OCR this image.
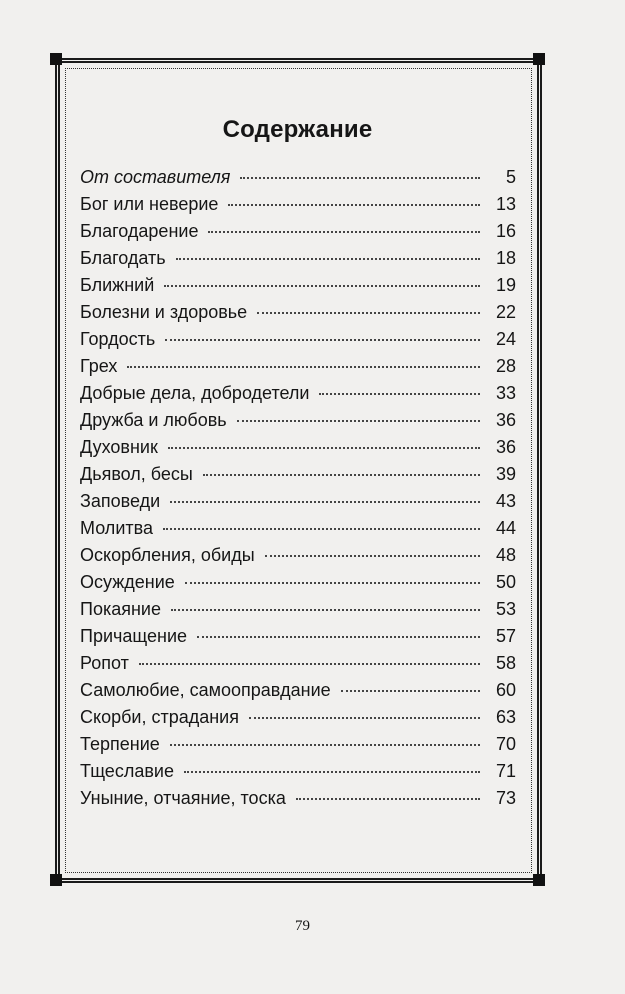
Содержание
От составителя	5
Бог или неверие	13
Благодарение	16
Благодать	18
Ближний	19
Болезни и здоровье	22
Гордость	24
Грех	28
Добрые дела, добродетели	33
Дружба и любовь	36
Духовник	36
Дьявол, бесы	39
Заповеди	43
Молитва	44
Оскорбления, обиды	48
Осуждение	50
Покаяние	53
Причащение	57
Ропот	58
Самолюбие, самооправдание	60
Скорби, страдания	63
Терпение	70
Тщеславие	71
Уныние, отчаяние, тоска	73
79
